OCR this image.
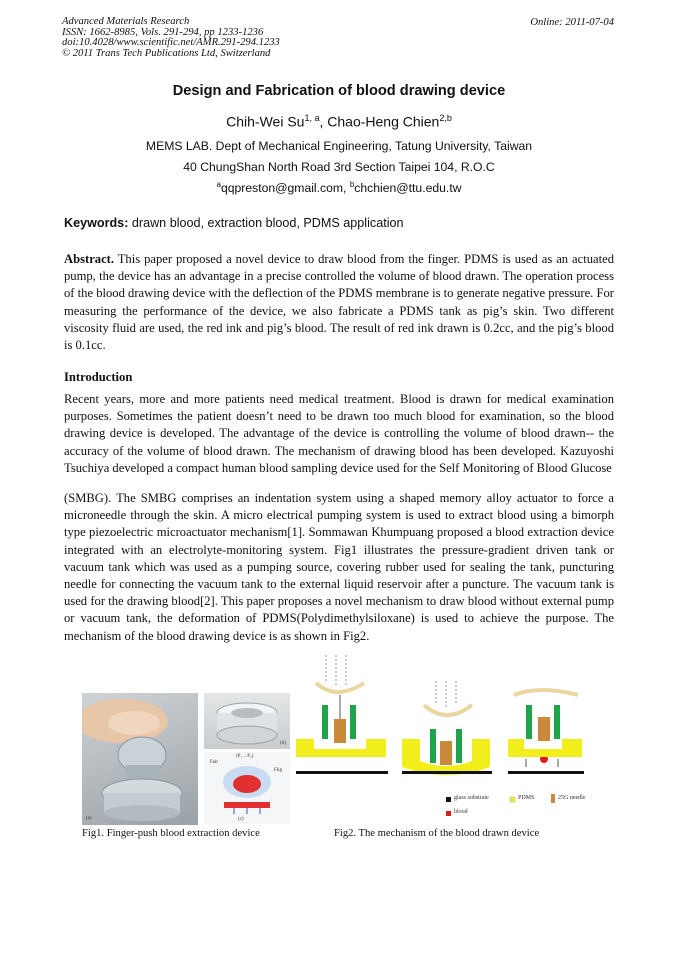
Advanced Materials Research
ISSN: 1662-8985, Vols. 291-294, pp 1233-1236
doi:10.4028/www.scientific.net/AMR.291-294.1233
© 2011 Trans Tech Publications Ltd, Switzerland
Online: 2011-07-04
Design and Fabrication of blood drawing device
Chih-Wei Su$^{1, a}$, Chao-Heng Chien$^{2,b}$
MEMS LAB. Dept of Mechanical Engineering, Tatung University, Taiwan
40 ChungShan North Road 3rd Section Taipei 104, R.O.C
$^a$qqpreston@gmail.com, $^b$chchien@ttu.edu.tw
Keywords: drawn blood, extraction blood, PDMS application
Abstract. This paper proposed a novel device to draw blood from the finger. PDMS is used as an actuated pump, the device has an advantage in a precise controlled the volume of blood drawn. The operation process of the blood drawing device with the deflection of the PDMS membrane is to generate negative pressure. For measuring the performance of the device, we also fabricate a PDMS tank as pig’s skin. Two different viscosity fluid are used, the red ink and pig’s blood. The result of red ink drawn is 0.2cc, and the pig’s blood is 0.1cc.
Introduction
Recent years, more and more patients need medical treatment. Blood is drawn for medical examination purposes. Sometimes the patient doesn’t need to be drawn too much blood for examination, so the blood drawing device is developed. The advantage of the device is controlling the volume of blood drawn-- the accuracy of the volume of blood drawn. The mechanism of drawing blood has been developed. Kazuyoshi Tsuchiya developed a compact human blood sampling device used for the Self Monitoring of Blood Glucose
(SMBG). The SMBG comprises an indentation system using a shaped memory alloy actuator to force a microneedle through the skin. A micro electrical pumping system is used to extract blood using a bimorph type piezoelectric microactuator mechanism[1]. Sommawan Khumpuang proposed a blood extraction device integrated with an electrolyte-monitoring system. Fig1 illustrates the pressure-gradient driven tank or vacuum tank which was used as a pumping source, covering rubber used for sealing the tank, puncturing needle for connecting the vacuum tank to the external liquid reservoir after a puncture. The vacuum tank is used for the drawing blood[2]. This paper proposes a novel mechanism to draw blood without external pump or vacuum tank, the deformation of PDMS(Polydimethylsiloxane) is used to achieve the purpose. The mechanism of the blood drawing device is as shown in Fig2.
(a)
(b)
(P₁→P₂)
Fair
Flig
(c)
glass substrate	PDMS	25G needle
blood
Fig1. Finger-push blood extraction device	Fig2. The mechanism of the blood drawn device
